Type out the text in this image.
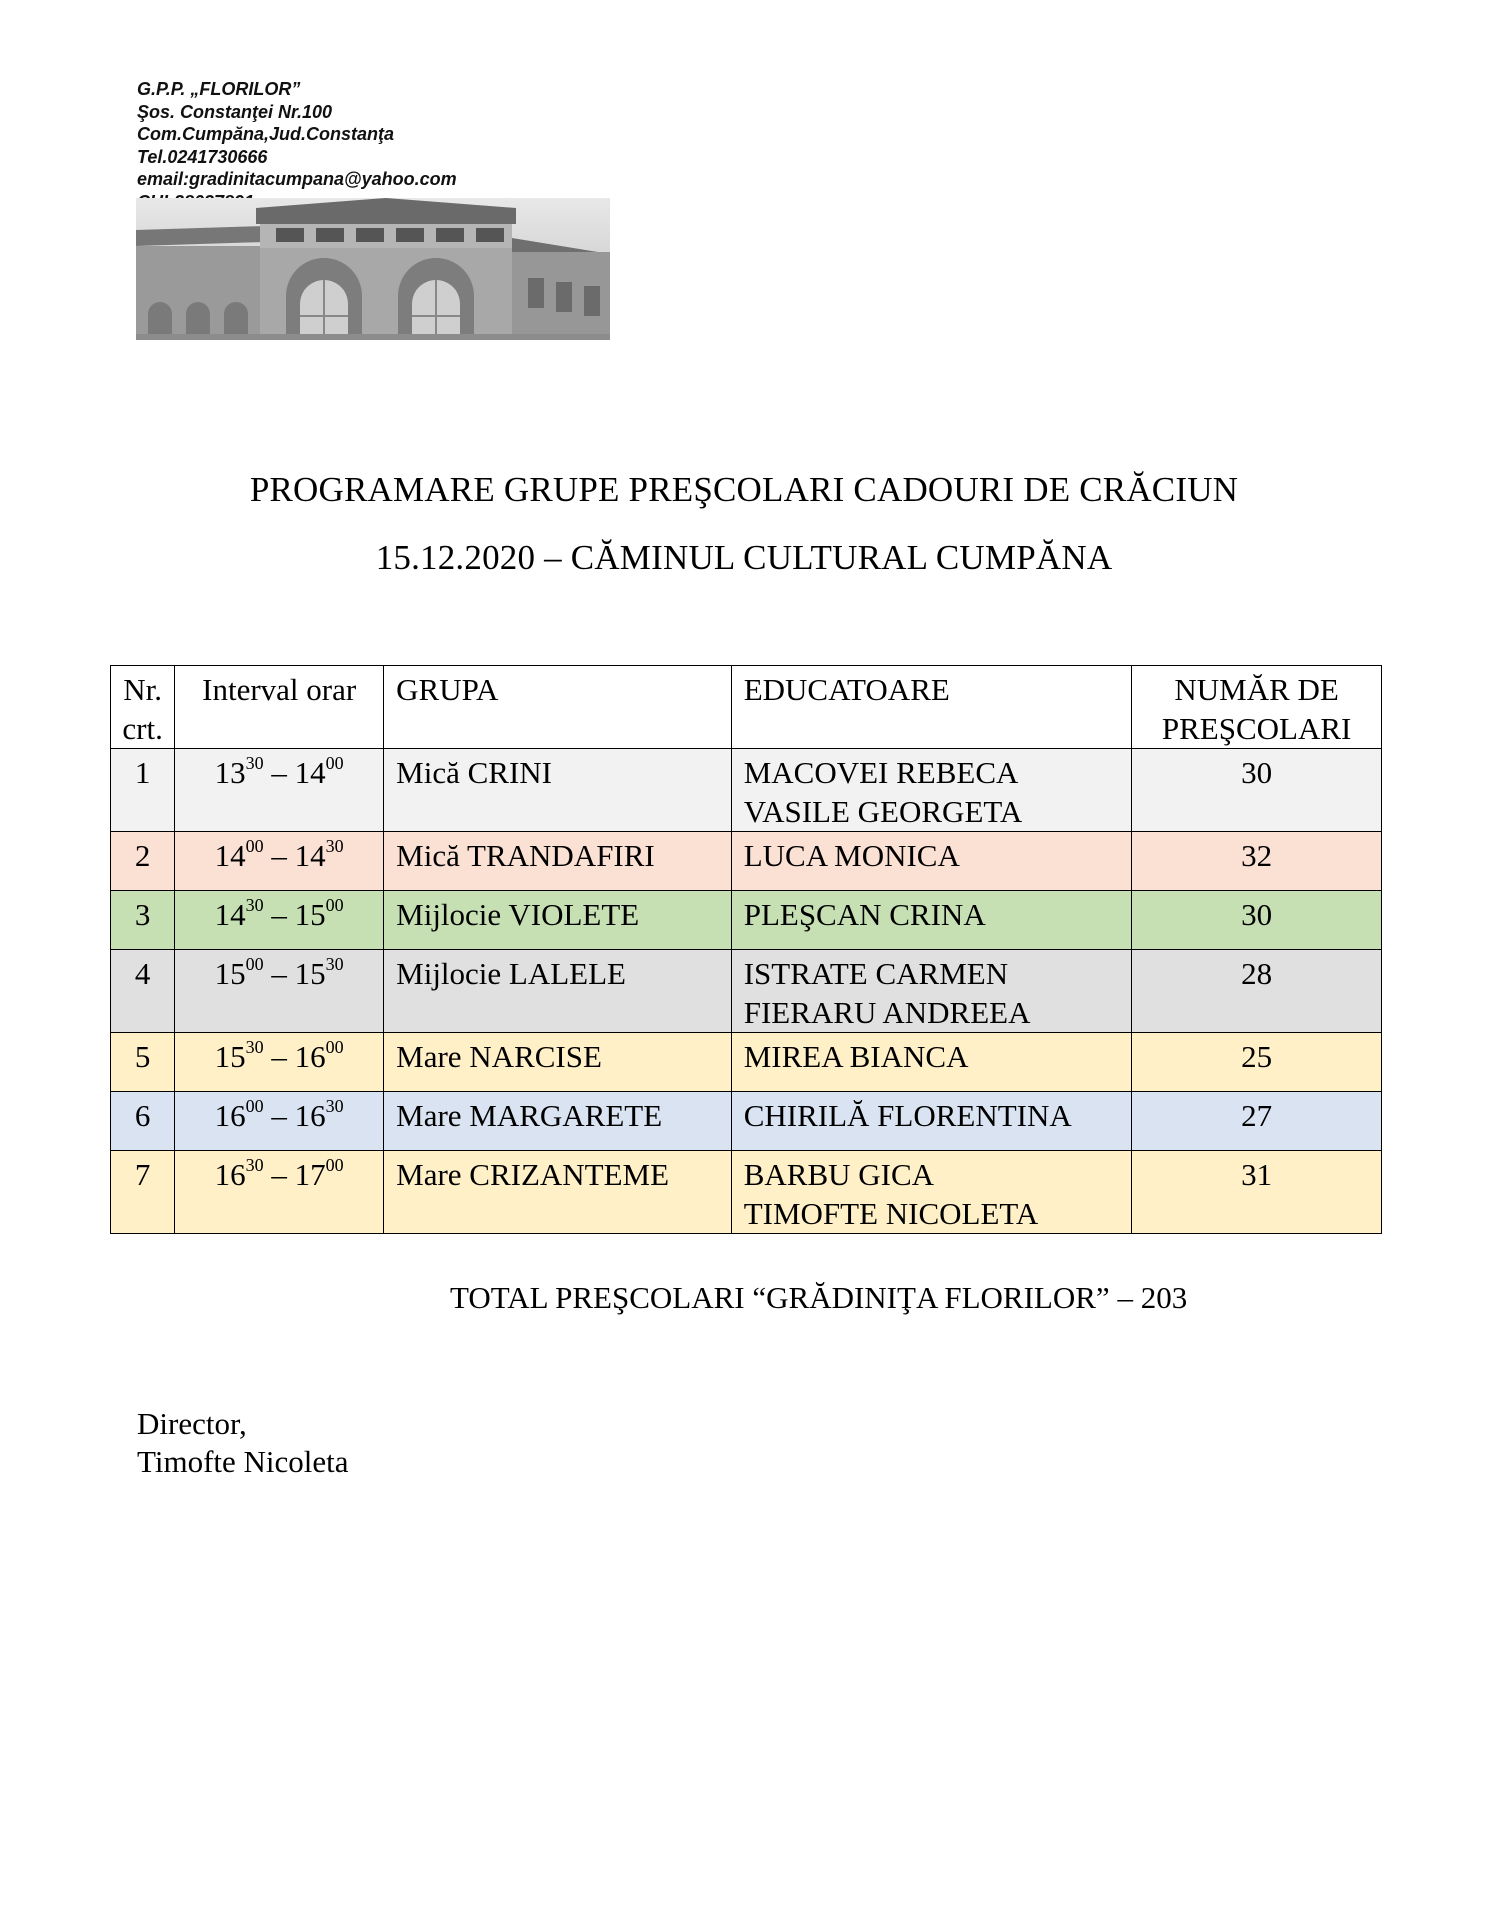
G.P.P. „FLORILOR”
Şos. Constanţei Nr.100
Com.Cumpăna,Jud.Constanţa
Tel.0241730666
email:gradinitacumpana@yahoo.com
PROGRAMARE GRUPE PREŞCOLARI CADOURI DE CRĂCIUN
15.12.2020 – CĂMINUL CULTURAL CUMPĂNA
Nr.
crt.	Interval orar	GRUPA	EDUCATOARE	NUMĂR DE
PREŞCOLARI
1	$13^{30} - 14^{00}$	Mică CRINI	MACOVEI REBECA
VASILE GEORGETA	30
2	$14^{00} - 14^{30}$	Mică TRANDAFIRI	LUCA MONICA	32
3	$14^{30} - 15^{00}$	Mijlocie VIOLETE	PLEŞCAN CRINA	30
4	$15^{00} - 15^{30}$	Mijlocie LALELE	ISTRATE CARMEN
FIERARU ANDREEA	28
5	$15^{30} - 16^{00}$	Mare NARCISE	MIREA BIANCA	25
6	$16^{00} - 16^{30}$	Mare MARGARETE	CHIRILĂ FLORENTINA	27
7	$16^{30} - 17^{00}$	Mare CRIZANTEME	BARBU GICA
TIMOFTE NICOLETA	31
TOTAL PREŞCOLARI “GRĂDINIŢA FLORILOR” – 203
Director,
Timofte Nicoleta
